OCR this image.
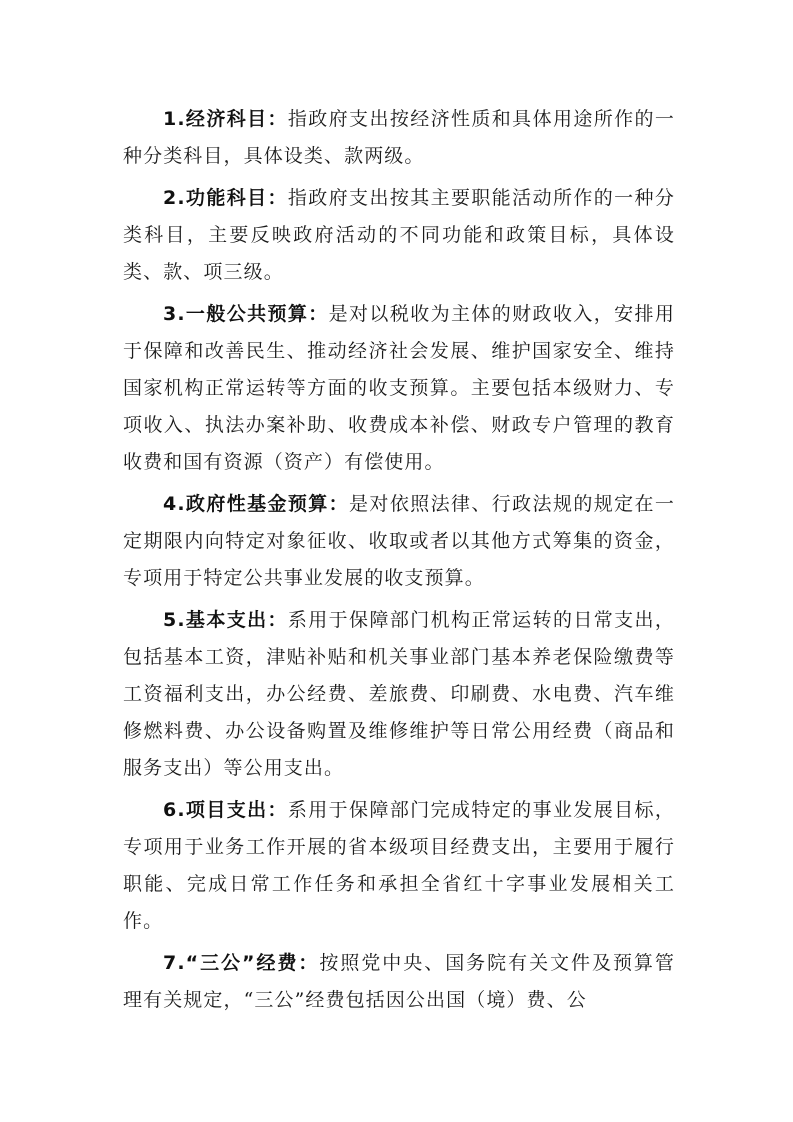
1.经济科目：指政府支出按经济性质和具体用途所作的一种分类科目，具体设类、款两级。

2.功能科目：指政府支出按其主要职能活动所作的一种分类科目，主要反映政府活动的不同功能和政策目标，具体设类、款、项三级。

3.一般公共预算：是对以税收为主体的财政收入，安排用于保障和改善民生、推动经济社会发展、维护国家安全、维持国家机构正常运转等方面的收支预算。主要包括本级财力、专项收入、执法办案补助、收费成本补偿、财政专户管理的教育收费和国有资源（资产）有偿使用。

4.政府性基金预算：是对依照法律、行政法规的规定在一定期限内向特定对象征收、收取或者以其他方式筹集的资金，专项用于特定公共事业发展的收支预算。

5.基本支出：系用于保障部门机构正常运转的日常支出，包括基本工资，津贴补贴和机关事业部门基本养老保险缴费等工资福利支出，办公经费、差旅费、印刷费、水电费、汽车维修燃料费、办公设备购置及维修维护等日常公用经费（商品和服务支出）等公用支出。

6.项目支出：系用于保障部门完成特定的事业发展目标，专项用于业务工作开展的省本级项目经费支出，主要用于履行职能、完成日常工作任务和承担全省红十字事业发展相关工作。

7.“三公”经费：按照党中央、国务院有关文件及预算管 理有关规定，“三公”经费包括因公出国（境）费、公
